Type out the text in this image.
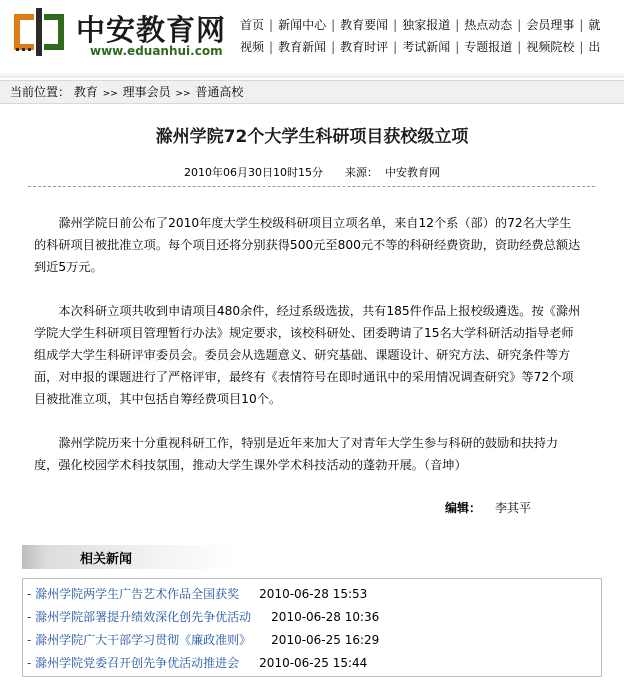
中安教育网
www.eduanhui.com
首页 | 新闻中心 | 教育要闻 | 独家报道 | 热点动态 | 会员理事 | 就
视频 | 教育新闻 | 教育时评 | 考试新闻 | 专题报道 | 视频院校 | 出
当前位置： 教育 >> 理事会员 >> 普通高校
滁州学院72个大学生科研项目获校级立项
2010年06月30日10时15分 来源： 中安教育网

滁州学院日前公布了2010年度大学生校级科研项目立项名单，来自12个系（部）的72名大学生的科研项目被批准立项。每个项目还将分别获得500元至800元不等的科研经费资助，资助经费总额达到近5万元。

本次科研立项共收到申请项目480余件，经过系级选拔，共有185件作品上报校级遴选。按《滁州学院大学生科研项目管理暂行办法》规定要求，该校科研处、团委聘请了15名大学科研活动指导老师组成学大学生科研评审委员会。委员会从选题意义、研究基础、课题设计、研究方法、研究条件等方面，对申报的课题进行了严格评审，最终有《表情符号在即时通讯中的采用情况调查研究》等72个项目被批准立项，其中包括自筹经费项目10个。

滁州学院历来十分重视科研工作，特别是近年来加大了对青年大学生参与科研的鼓励和扶持力度，强化校园学术科技氛围，推动大学生课外学术科技活动的蓬勃开展。（音坤）

编辑： 李其平
相关新闻
- 滁州学院两学生广告艺术作品全国获奖 2010-06-28 15:53
- 滁州学院部署提升绩效深化创先争优活动 2010-06-28 10:36
- 滁州学院广大干部学习贯彻《廉政准则》 2010-06-25 16:29
- 滁州学院党委召开创先争优活动推进会 2010-06-25 15:44
